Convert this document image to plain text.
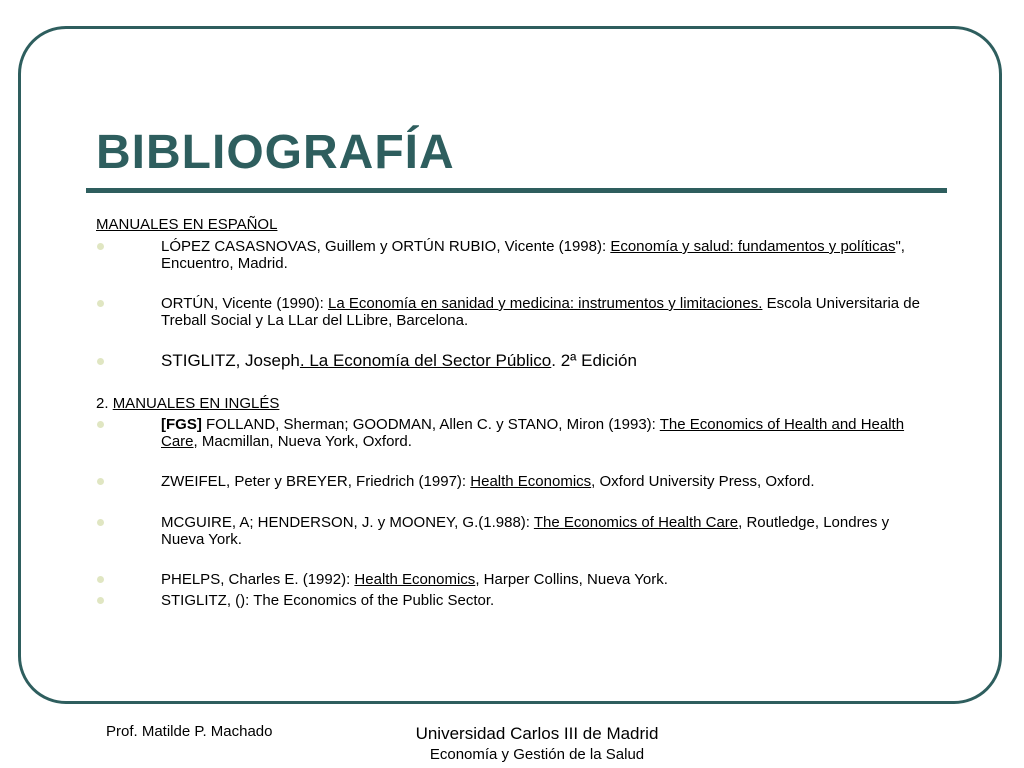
BIBLIOGRAFÍA
MANUALES EN ESPAÑOL
LÓPEZ CASASNOVAS, Guillem y ORTÚN RUBIO, Vicente (1998): Economía y salud: fundamentos y políticas", Encuentro, Madrid.
ORTÚN, Vicente (1990): La Economía en sanidad y medicina: instrumentos y limitaciones. Escola Universitaria de Treball Social y La LLar del LLibre, Barcelona.
STIGLITZ, Joseph. La Economía del Sector Público. 2ª Edición
2. MANUALES EN INGLÉS
[FGS] FOLLAND, Sherman; GOODMAN, Allen C. y STANO, Miron (1993): The Economics of Health and Health Care, Macmillan, Nueva York, Oxford.
ZWEIFEL, Peter y BREYER, Friedrich (1997): Health Economics, Oxford University Press, Oxford.
MCGUIRE, A; HENDERSON, J. y MOONEY, G.(1.988): The Economics of Health Care, Routledge, Londres y Nueva York.
PHELPS, Charles E. (1992): Health Economics, Harper Collins, Nueva York.
STIGLITZ, (): The Economics of the Public Sector.
Prof. Matilde P. Machado	Universidad Carlos III de Madrid
Economía y Gestión de la Salud
